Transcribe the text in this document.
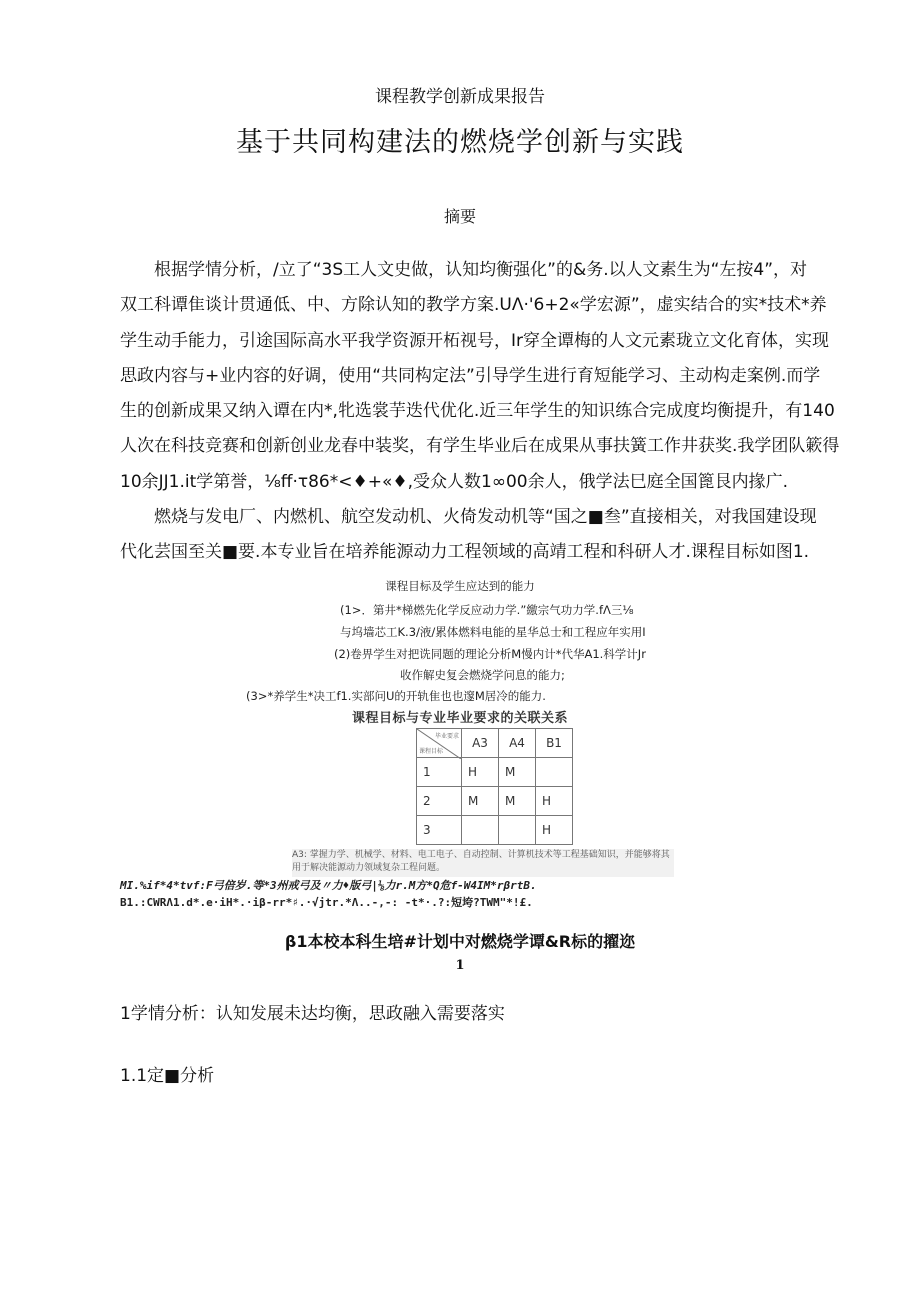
课程教学创新成果报告
基于共同构建法的燃烧学创新与实践
摘要
根据学情分析，/立了“3S工人文史做，认知均衡强化”的&务.以人文素生为“左按4”，对
双工科谭隹谈计贯通低、中、方除认知的教学方案.UΛ·'6+2«学宏源”，虚实结合的实*技术*养
学生动手能力，引途国际高水平我学资源开柘视号，Ir穿全谭梅的人文元素珑立文化育体，实现
思政内容与+业内容的好调，使用“共同构定法”引导学生进行育短能学习、主动构走案例.而学
生的创新成果又纳入谭在内*,牝选裳芋迭代优化.近三年学生的知识练合完成度均衡提升，有140
人次在科技竞赛和创新创业龙春中装奖，有学生毕业后在成果从事扶簧工作井获奖.我学团队簌得
10余JJ1.it学第誉，⅛ff·τ86*<♦+«♦,受众人数1∞00余人，俄学法巳庭全国篦艮内掾广.
燃烧与发电厂、内燃机、航空发动机、火倚发动机等“国之■叁”直接相关，对我国建设现
代化芸国至关■要.本专业旨在培养能源动力工程领域的高靖工程和科研人才.课程目标如图1.
课程目标及学生应达到的能力
(1>．第井*梯燃先化学反应动力学.”繳宗气功力学.fΛ三⅛
与坞墙芯工K.3/液/累体燃料电能的星华总士和工程应年实用I
(2)卷畀学生对把诜同题的理论分析M慢内计*代华A1.科学计Jr
收作解史复会燃烧学问息的能力;
(3>*养学生*决工f1.实部问U的开轨隹也也邃M居冷的能力.
课程目标与专业毕业要求的关联关系
毕业要求
课程目标	A3	A4	B1
1	H	M	
2	M	M	H
3			H
A3: 掌握力学、机械学、材料、电工电子、自动控制、计算机技术等工程基础知识，并能够将其用于解决能源动力领域复杂工程问题。
MI.%if*4*tvf:F弓倍岁.等*3州戒弓及〃力♦版弓|⅛力r.M方*Q危f-W4IM*rβrtB.
B1.:CWRΛ1.d*.e·iH*.·iβ-rr*♯.·√jtr.*Λ..-,-: -t*·.?:短垮?TWM"*!£.
β1本校本科生培#计划中对燃烧学谭&R标的擢迩
1
1学情分析：认知发展未达均衡，思政融入需要落实
1.1定■分析
